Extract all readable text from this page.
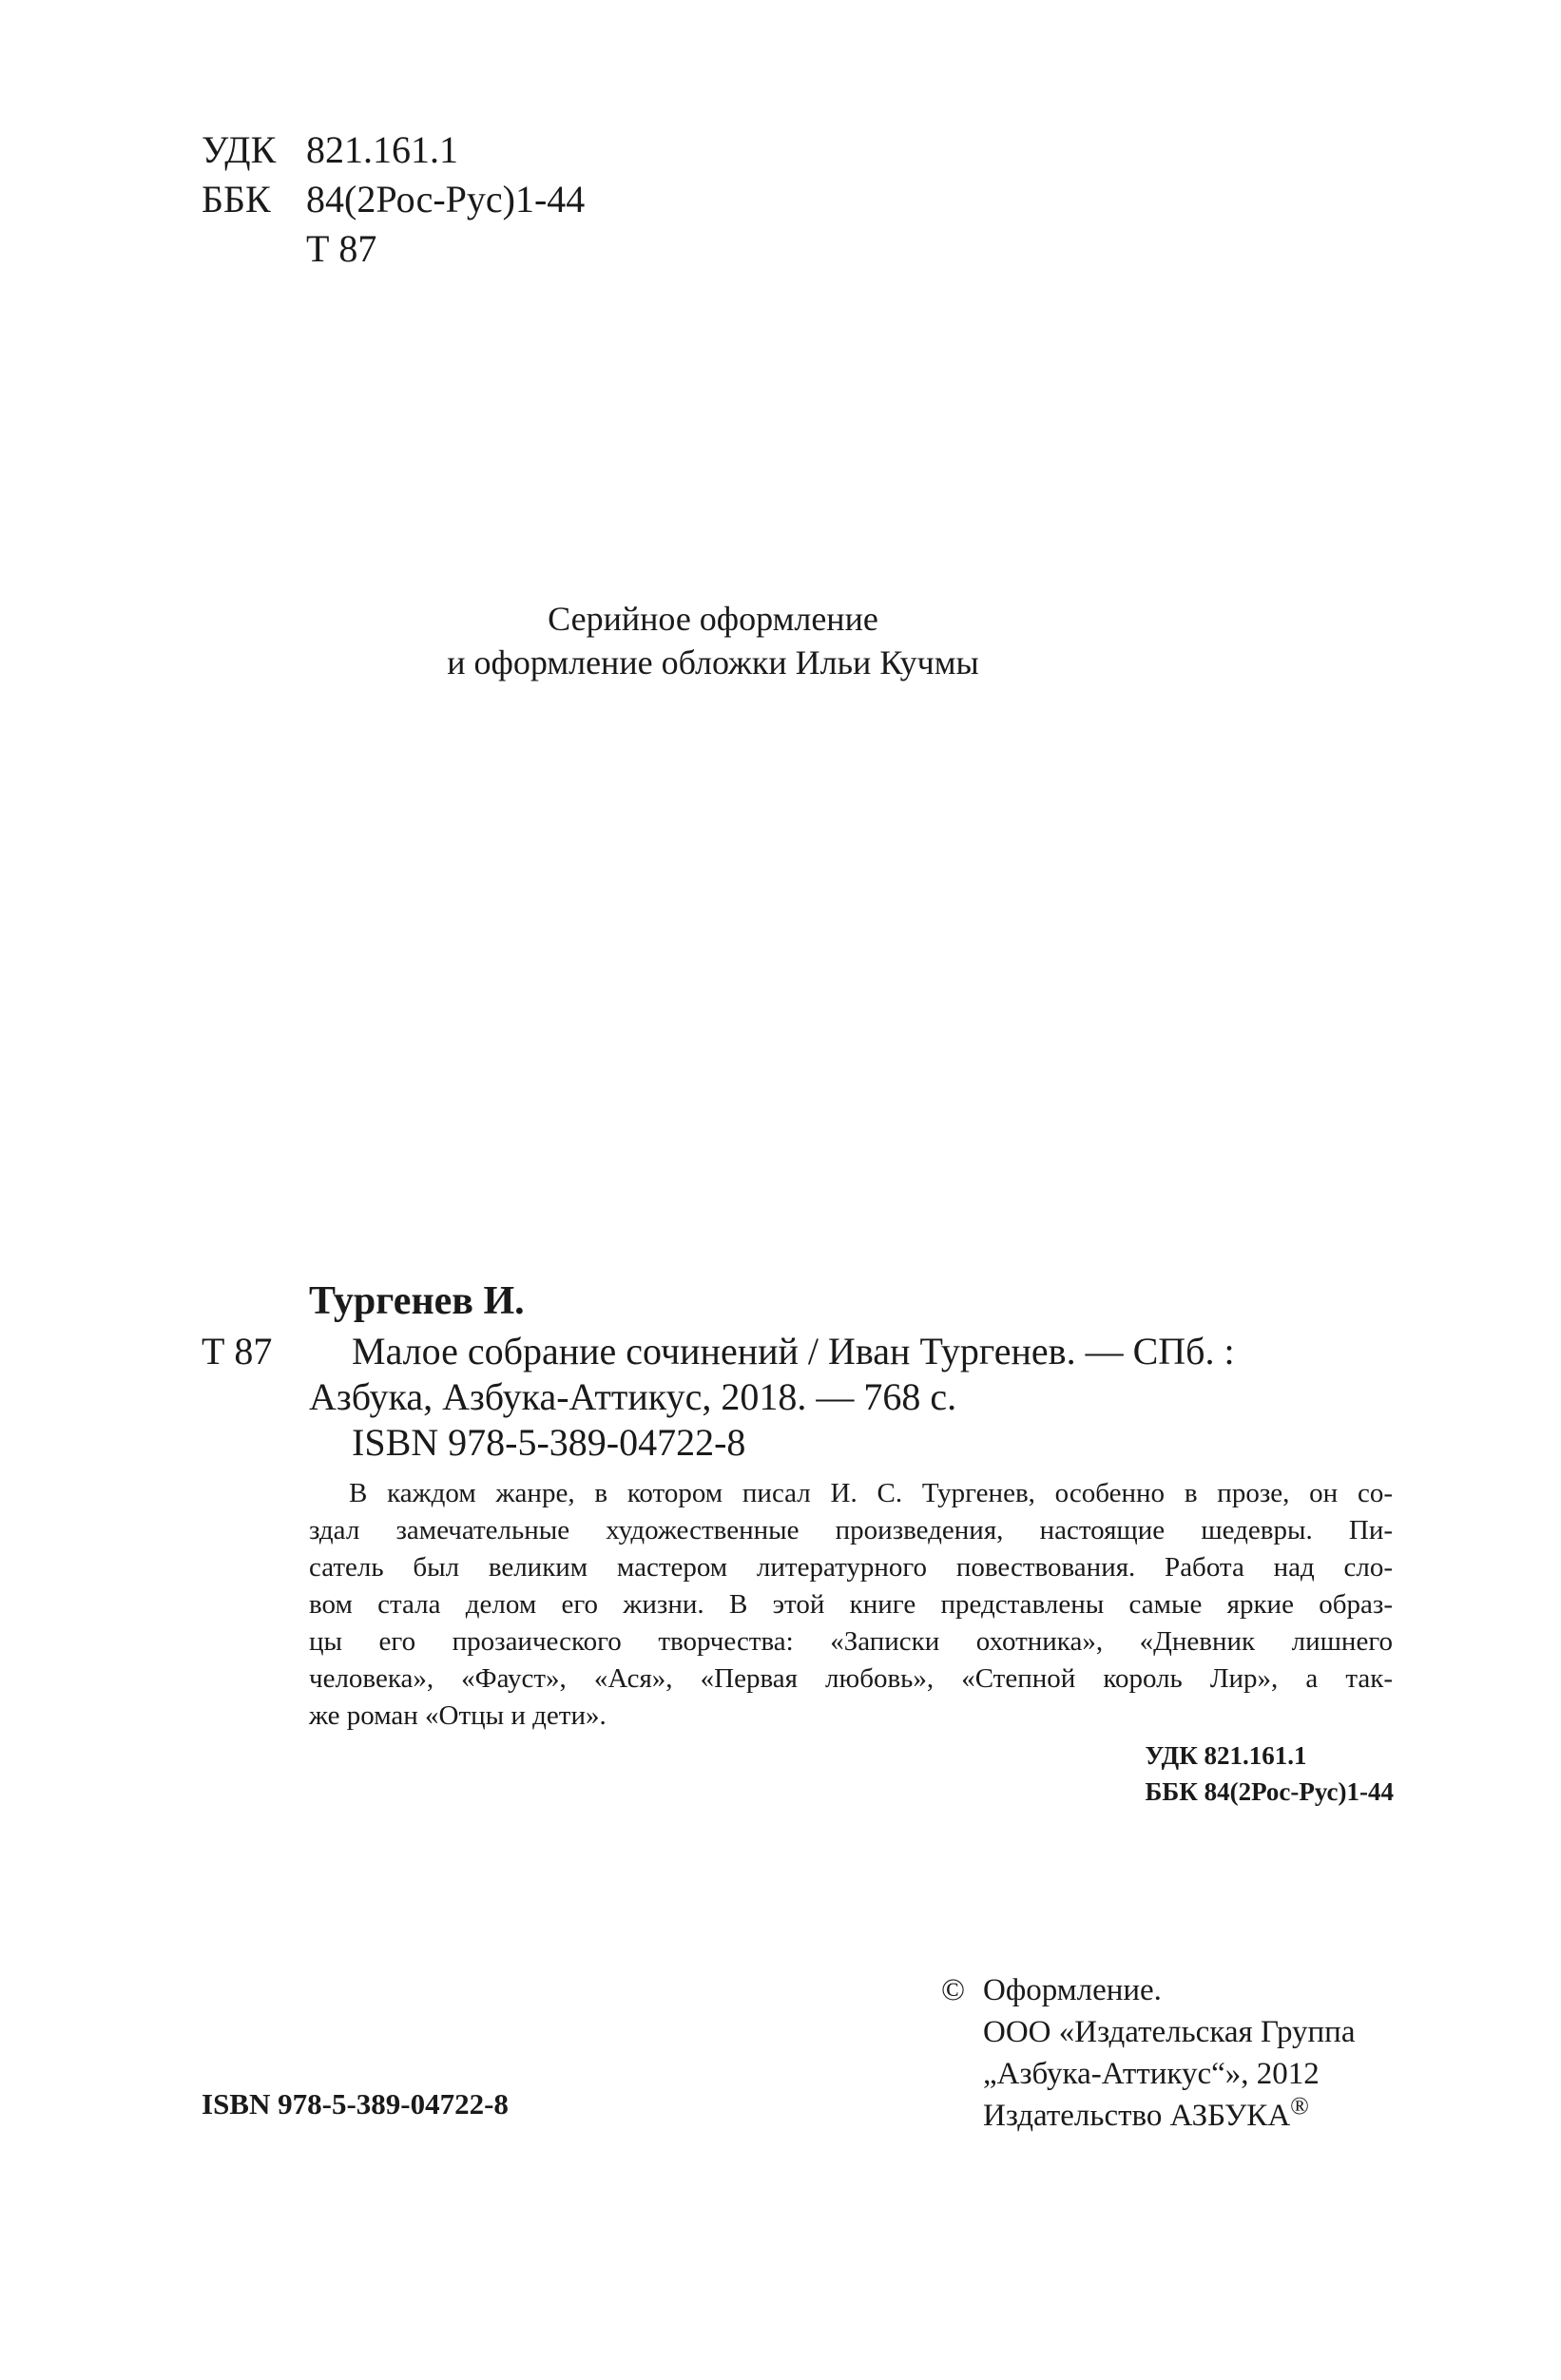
УДК 821.161.1
ББК 84(2Рос-Рус)1-44
Т 87
Серийное оформление
и оформление обложки Ильи Кучмы
Тургенев И.
Т 87 Малое собрание сочинений / Иван Тургенев. — СПб. :
Азбука, Азбука-Аттикус, 2018. — 768 с.
ISBN 978-5-389-04722-8
В каждом жанре, в котором писал И. С. Тургенев, особенно в прозе, он со-
здал замечательные художественные произведения, настоящие шедевры. Пи-
сатель был великим мастером литературного повествования. Работа над сло-
вом стала делом его жизни. В этой книге представлены самые яркие образ-
цы его прозаического творчества: «Записки охотника», «Дневник лишнего
человека», «Фауст», «Ася», «Первая любовь», «Степной король Лир», а так-
же роман «Отцы и дети».
УДК 821.161.1
ББК 84(2Рос-Рус)1-44
© Оформление.
ООО «Издательская Группа
„Азбука-Аттикус“», 2012
Издательство АЗБУКА®
ISBN 978-5-389-04722-8
